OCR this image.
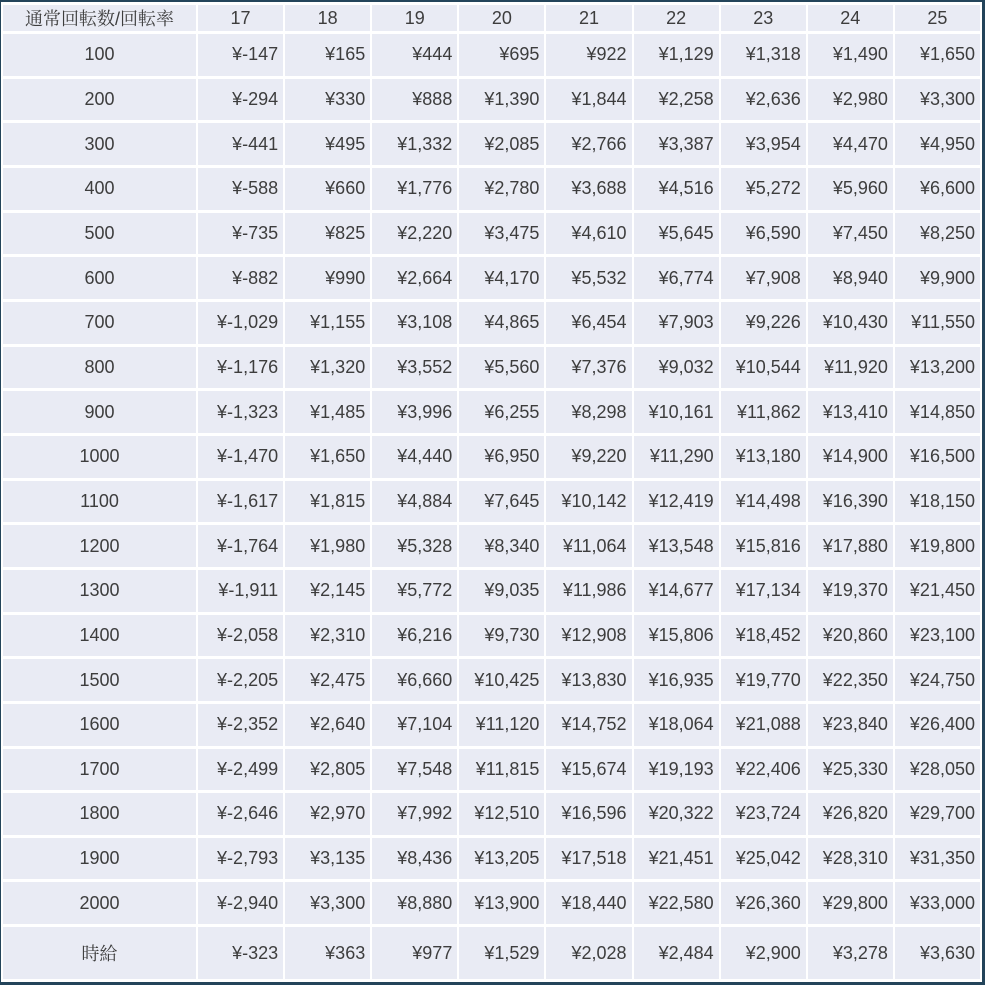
通常回転数/回転率	17	18	19	20	21	22	23	24	25
100	¥-147	¥165	¥444	¥695	¥922	¥1,129	¥1,318	¥1,490	¥1,650
200	¥-294	¥330	¥888	¥1,390	¥1,844	¥2,258	¥2,636	¥2,980	¥3,300
300	¥-441	¥495	¥1,332	¥2,085	¥2,766	¥3,387	¥3,954	¥4,470	¥4,950
400	¥-588	¥660	¥1,776	¥2,780	¥3,688	¥4,516	¥5,272	¥5,960	¥6,600
500	¥-735	¥825	¥2,220	¥3,475	¥4,610	¥5,645	¥6,590	¥7,450	¥8,250
600	¥-882	¥990	¥2,664	¥4,170	¥5,532	¥6,774	¥7,908	¥8,940	¥9,900
700	¥-1,029	¥1,155	¥3,108	¥4,865	¥6,454	¥7,903	¥9,226	¥10,430	¥11,550
800	¥-1,176	¥1,320	¥3,552	¥5,560	¥7,376	¥9,032	¥10,544	¥11,920	¥13,200
900	¥-1,323	¥1,485	¥3,996	¥6,255	¥8,298	¥10,161	¥11,862	¥13,410	¥14,850
1000	¥-1,470	¥1,650	¥4,440	¥6,950	¥9,220	¥11,290	¥13,180	¥14,900	¥16,500
1100	¥-1,617	¥1,815	¥4,884	¥7,645	¥10,142	¥12,419	¥14,498	¥16,390	¥18,150
1200	¥-1,764	¥1,980	¥5,328	¥8,340	¥11,064	¥13,548	¥15,816	¥17,880	¥19,800
1300	¥-1,911	¥2,145	¥5,772	¥9,035	¥11,986	¥14,677	¥17,134	¥19,370	¥21,450
1400	¥-2,058	¥2,310	¥6,216	¥9,730	¥12,908	¥15,806	¥18,452	¥20,860	¥23,100
1500	¥-2,205	¥2,475	¥6,660	¥10,425	¥13,830	¥16,935	¥19,770	¥22,350	¥24,750
1600	¥-2,352	¥2,640	¥7,104	¥11,120	¥14,752	¥18,064	¥21,088	¥23,840	¥26,400
1700	¥-2,499	¥2,805	¥7,548	¥11,815	¥15,674	¥19,193	¥22,406	¥25,330	¥28,050
1800	¥-2,646	¥2,970	¥7,992	¥12,510	¥16,596	¥20,322	¥23,724	¥26,820	¥29,700
1900	¥-2,793	¥3,135	¥8,436	¥13,205	¥17,518	¥21,451	¥25,042	¥28,310	¥31,350
2000	¥-2,940	¥3,300	¥8,880	¥13,900	¥18,440	¥22,580	¥26,360	¥29,800	¥33,000
時給	¥-323	¥363	¥977	¥1,529	¥2,028	¥2,484	¥2,900	¥3,278	¥3,630
